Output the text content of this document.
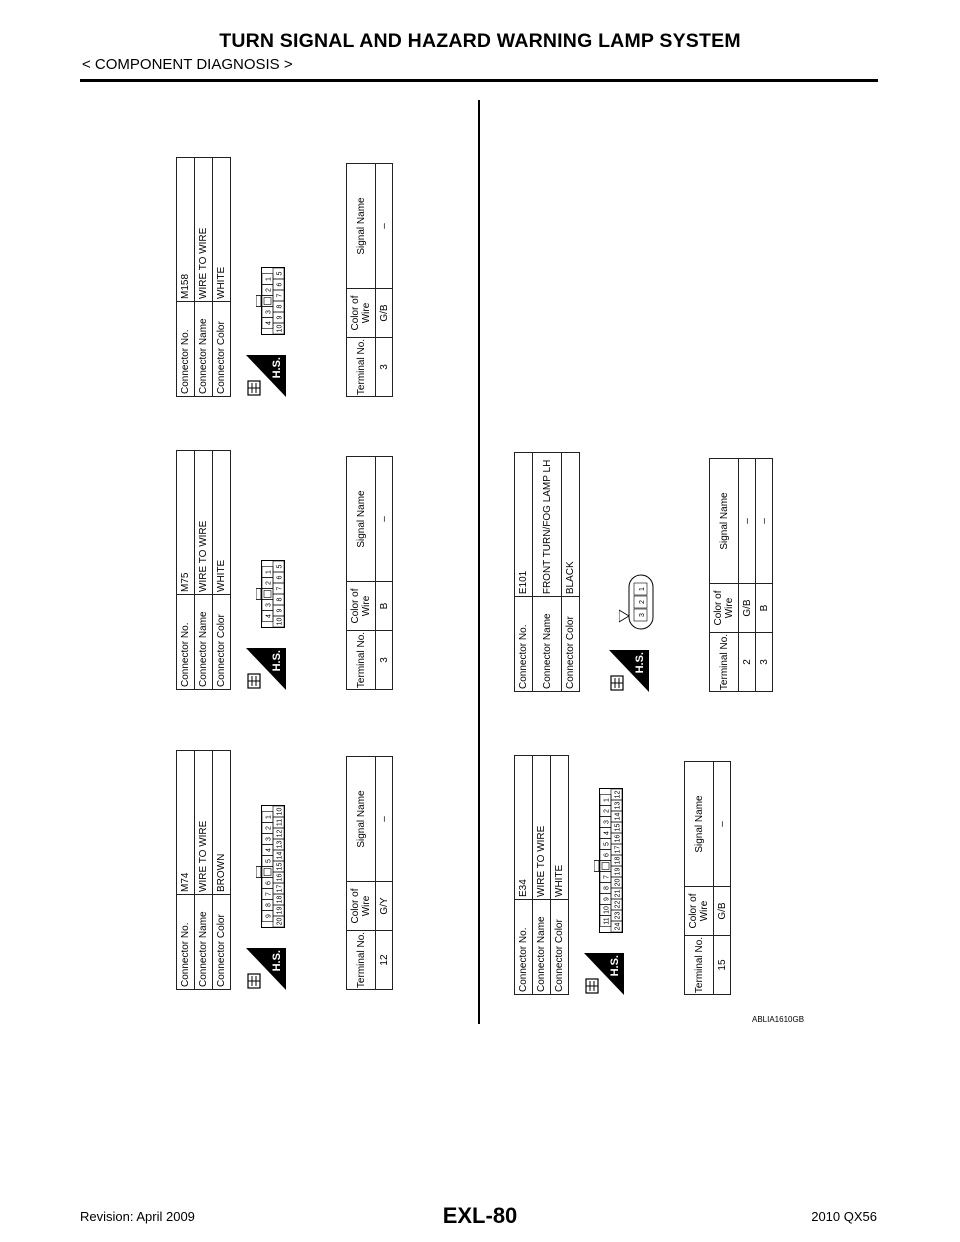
TURN SIGNAL AND HAZARD WARNING LAMP SYSTEM
< COMPONENT DIAGNOSIS >
Connector No.	M74
Connector Name	WIRE TO WIRE
Connector Color	BROWN
H.S.
9
8
7
6
5
4
3
2
1
20
19
18
17
16
15
14
13
12
11
10
Terminal No.	Color of Wire	Signal Name
12	G/Y	–
Connector No.	M75
Connector Name	WIRE TO WIRE
Connector Color	WHITE
H.S.
4
3
2
1
10
9
8
7
6
5
Terminal No.	Color of Wire	Signal Name
3	B	–
Connector No.	M158
Connector Name	WIRE TO WIRE
Connector Color	WHITE
H.S.
4
3
2
1
10
9
8
7
6
5
Terminal No.	Color of Wire	Signal Name
3	G/B	–
Connector No.	E34
Connector Name	WIRE TO WIRE
Connector Color	WHITE
H.S.
11
10
9
8
7
6
5
4
3
2
1
24
23
22
21
20
19
18
17
16
15
14
13
12
Terminal No.	Color of Wire	Signal Name
15	G/B	–
Connector No.	E101
Connector Name	FRONT TURN/FOG LAMP LH
Connector Color	BLACK
H.S.
3
2
1
Terminal No.	Color of Wire	Signal Name
2	G/B	–
3	B	–
ABLIA1610GB
Revision: April 2009	EXL-80	2010 QX56
